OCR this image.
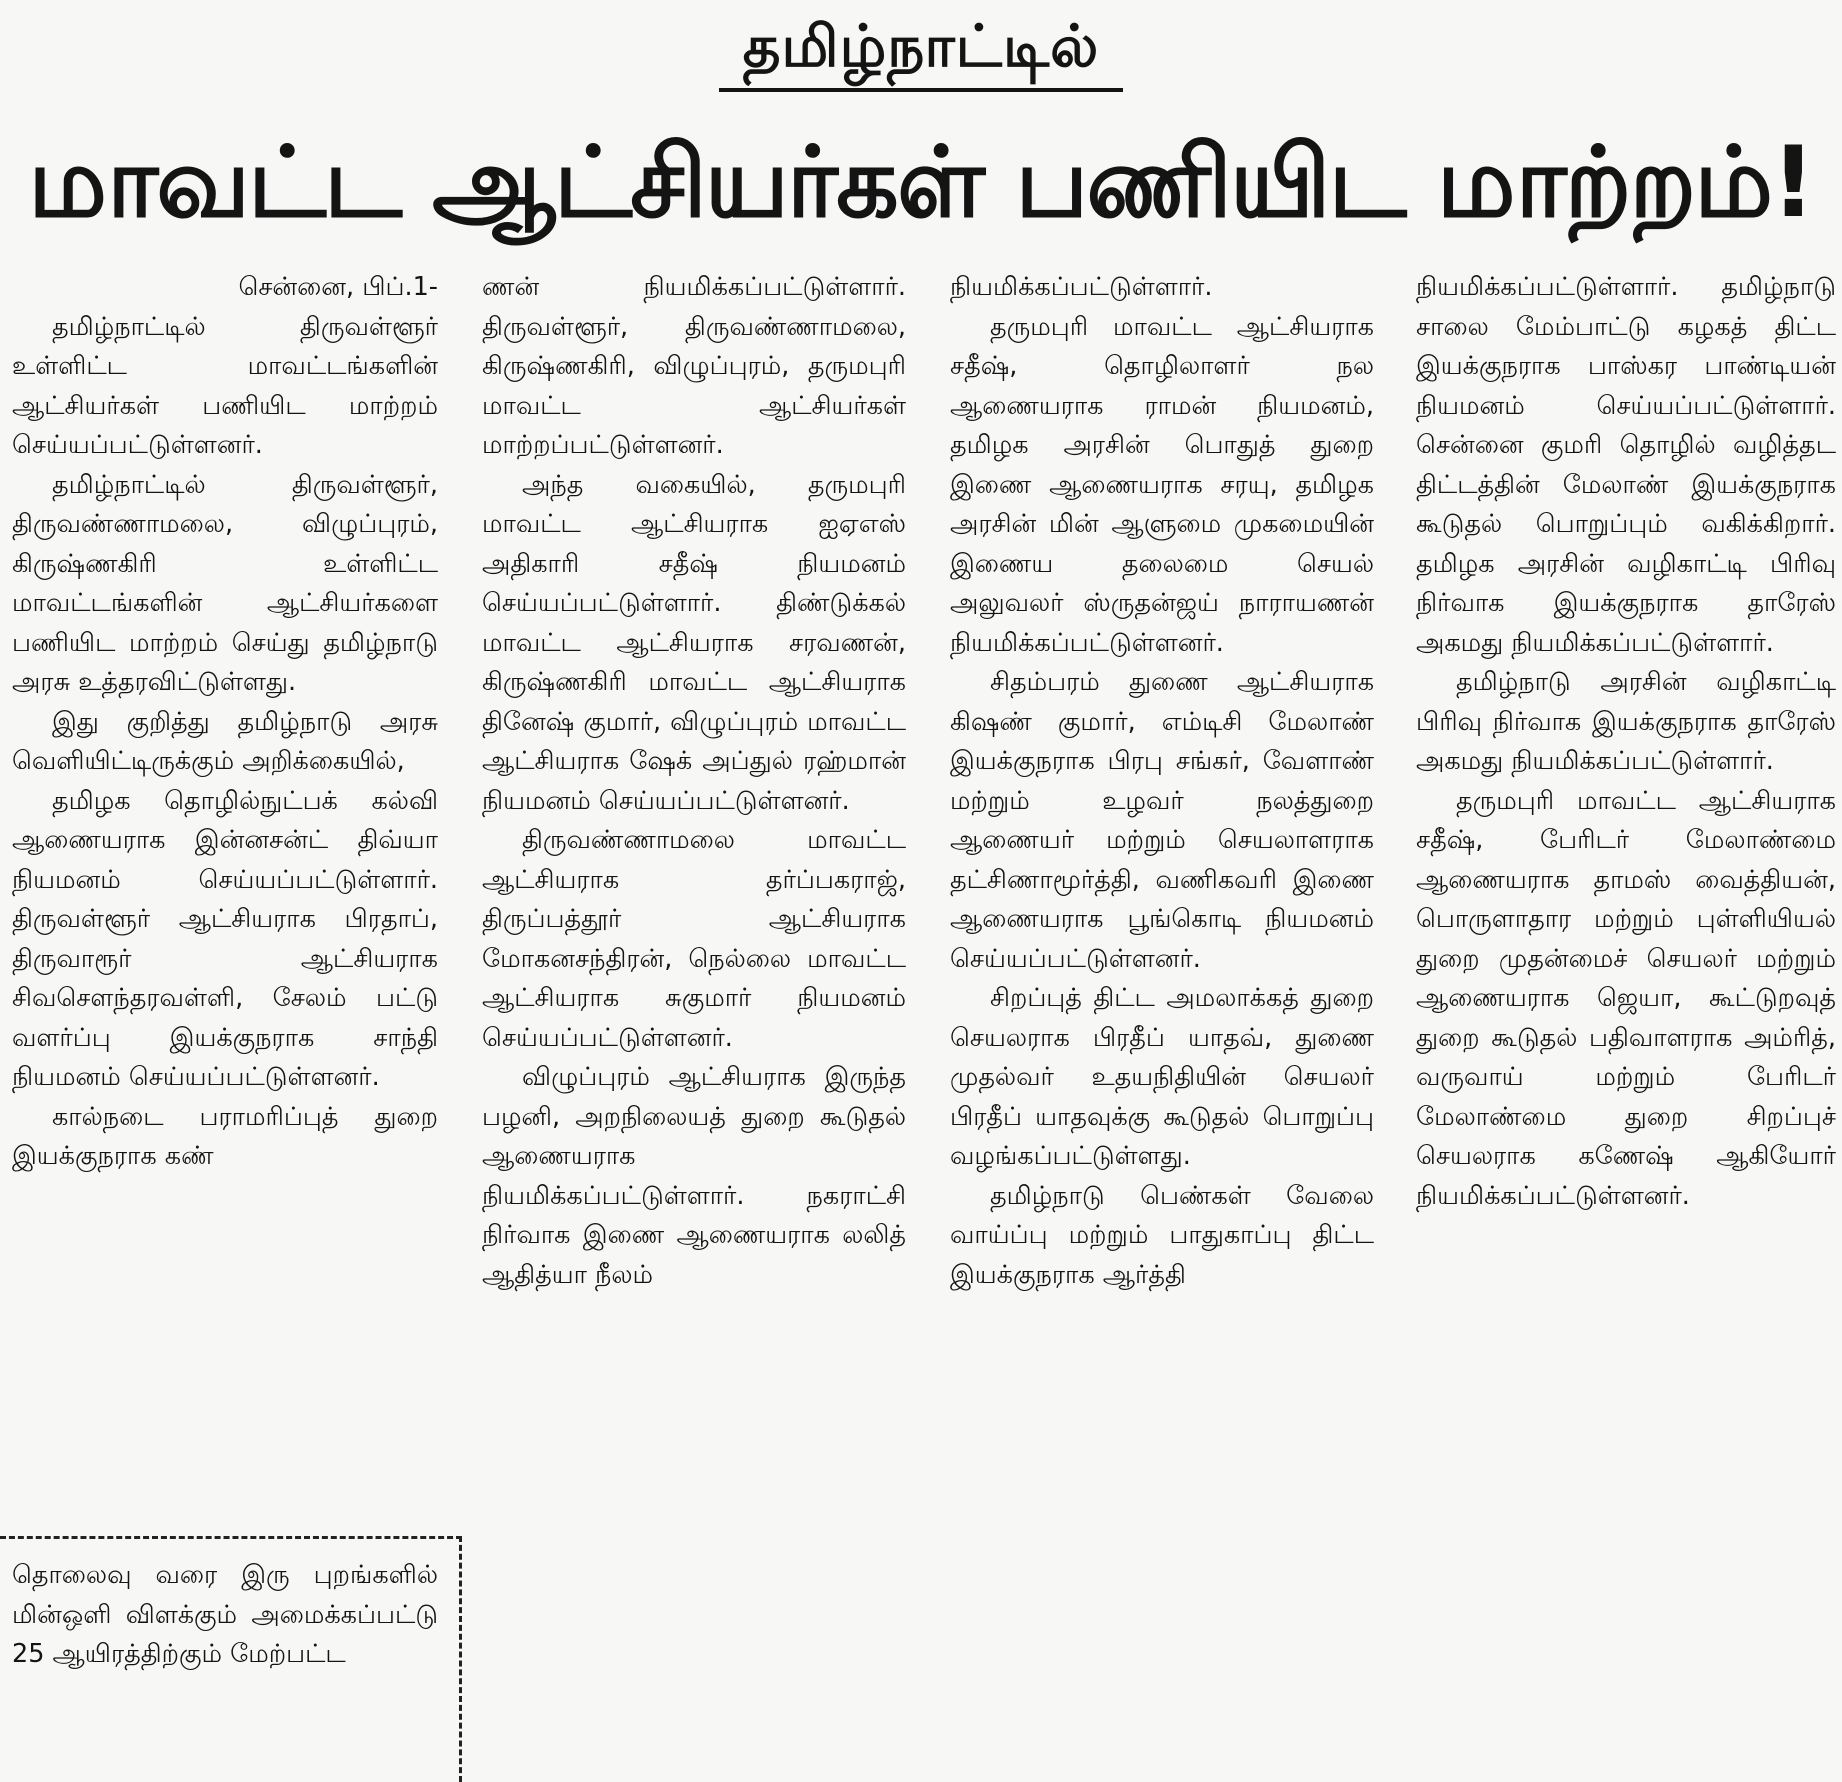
தமிழ்நாட்டில்
மாவட்ட ஆட்சியர்கள் பணியிட மாற்றம்!

சென்னை, பிப்.1-

தமிழ்நாட்டில் திருவள்ளூர் உள்ளிட்ட மாவட்டங்களின் ஆட்சியர்கள் பணியிட மாற்றம் செய்யப்பட்டுள்ளனர்.

தமிழ்நாட்டில் திருவள்ளூர், திருவண்ணாமலை, விழுப்புரம், கிருஷ்ணகிரி உள்ளிட்ட மாவட்டங்களின் ஆட்சியர்களை பணியிட மாற்றம் செய்து தமிழ்நாடு அரசு உத்தரவிட்டுள்ளது.

இது குறித்து தமிழ்நாடு அரசு வெளியிட்டிருக்கும் அறிக்கையில்,

தமிழக தொழில்நுட்பக் கல்வி ஆணையராக இன்னசன்ட் திவ்யா நியமனம் செய்யப்பட்டுள்ளார். திருவள்ளூர் ஆட்சியராக பிரதாப், திருவாரூர் ஆட்சியராக சிவசௌந்தரவள்ளி, சேலம் பட்டு வளர்ப்பு இயக்குநராக சாந்தி நியமனம் செய்யப்பட்டுள்ளனர்.

கால்நடை பராமரிப்புத் துறை இயக்குநராக கண்

தொலைவு வரை இரு புறங்களில் மின்ஒளி விளக்கும் அமைக்கப்பட்டு 25 ஆயிரத்திற்கும் மேற்பட்ட

ணன் நியமிக்கப்பட்டுள்ளார். திருவள்ளூர், திருவண்ணாமலை, கிருஷ்ணகிரி, விழுப்புரம், தருமபுரி மாவட்ட ஆட்சியர்கள் மாற்றப்பட்டுள்ளனர்.

அந்த வகையில், தருமபுரி மாவட்ட ஆட்சியராக ஐஏஎஸ் அதிகாரி சதீஷ் நியமனம் செய்யப்பட்டுள்ளார். திண்டுக்கல் மாவட்ட ஆட்சியராக சரவணன், கிருஷ்ணகிரி மாவட்ட ஆட்சியராக தினேஷ் குமார், விழுப்புரம் மாவட்ட ஆட்சியராக ஷேக் அப்துல் ரஹ்மான் நியமனம் செய்யப்பட்டுள்ளனர்.

திருவண்ணாமலை மாவட்ட ஆட்சியராக தர்ப்பகராஜ், திருப்பத்தூர் ஆட்சியராக மோகனசந்திரன், நெல்லை மாவட்ட ஆட்சியராக சுகுமார் நியமனம் செய்யப்பட்டுள்ளனர்.

விழுப்புரம் ஆட்சியராக இருந்த பழனி, அறநிலையத் துறை கூடுதல் ஆணையராக நியமிக்கப்பட்டுள்ளார். நகராட்சி நிர்வாக இணை ஆணையராக லலித் ஆதித்யா நீலம்

நியமிக்கப்பட்டுள்ளார்.

தருமபுரி மாவட்ட ஆட்சியராக சதீஷ், தொழிலாளர் நல ஆணையராக ராமன் நியமனம், தமிழக அரசின் பொதுத் துறை இணை ஆணையராக சரயு, தமிழக அரசின் மின் ஆளுமை முகமையின் இணைய தலைமை செயல் அலுவலர் ஸ்ருதன்ஜய் நாராயணன் நியமிக்கப்பட்டுள்ளனர்.

சிதம்பரம் துணை ஆட்சியராக கிஷண் குமார், எம்டிசி மேலாண் இயக்குநராக பிரபு சங்கர், வேளாண் மற்றும் உழவர் நலத்துறை ஆணையர் மற்றும் செயலாளராக தட்சிணாமூர்த்தி, வணிகவரி இணை ஆணையராக பூங்கொடி நியமனம் செய்யப்பட்டுள்ளனர்.

சிறப்புத் திட்ட அமலாக்கத் துறை செயலராக பிரதீப் யாதவ், துணை முதல்வர் உதயநிதியின் செயலர் பிரதீப் யாதவுக்கு கூடுதல் பொறுப்பு வழங்கப்பட்டுள்ளது.

தமிழ்நாடு பெண்கள் வேலை வாய்ப்பு மற்றும் பாதுகாப்பு திட்ட இயக்குநராக ஆர்த்தி

நியமிக்கப்பட்டுள்ளார். தமிழ்நாடு சாலை மேம்பாட்டு கழகத் திட்ட இயக்குநராக பாஸ்கர பாண்டியன் நியமனம் செய்யப்பட்டுள்ளார். சென்னை குமரி தொழில் வழித்தட திட்டத்தின் மேலாண் இயக்குநராக கூடுதல் பொறுப்பும் வகிக்கிறார். தமிழக அரசின் வழிகாட்டி பிரிவு நிர்வாக இயக்குநராக தாரேஸ் அகமது நியமிக்கப்பட்டுள்ளார்.

தமிழ்நாடு அரசின் வழிகாட்டி பிரிவு நிர்வாக இயக்குநராக தாரேஸ் அகமது நியமிக்கப்பட்டுள்ளார்.

தருமபுரி மாவட்ட ஆட்சியராக சதீஷ், பேரிடர் மேலாண்மை ஆணையராக தாமஸ் வைத்தியன், பொருளாதார மற்றும் புள்ளியியல் துறை முதன்மைச் செயலர் மற்றும் ஆணையராக ஜெயா, கூட்டுறவுத் துறை கூடுதல் பதிவாளராக அம்ரித், வருவாய் மற்றும் பேரிடர் மேலாண்மை துறை சிறப்புச் செயலராக கணேஷ் ஆகியோர் நியமிக்கப்பட்டுள்ளனர்.
